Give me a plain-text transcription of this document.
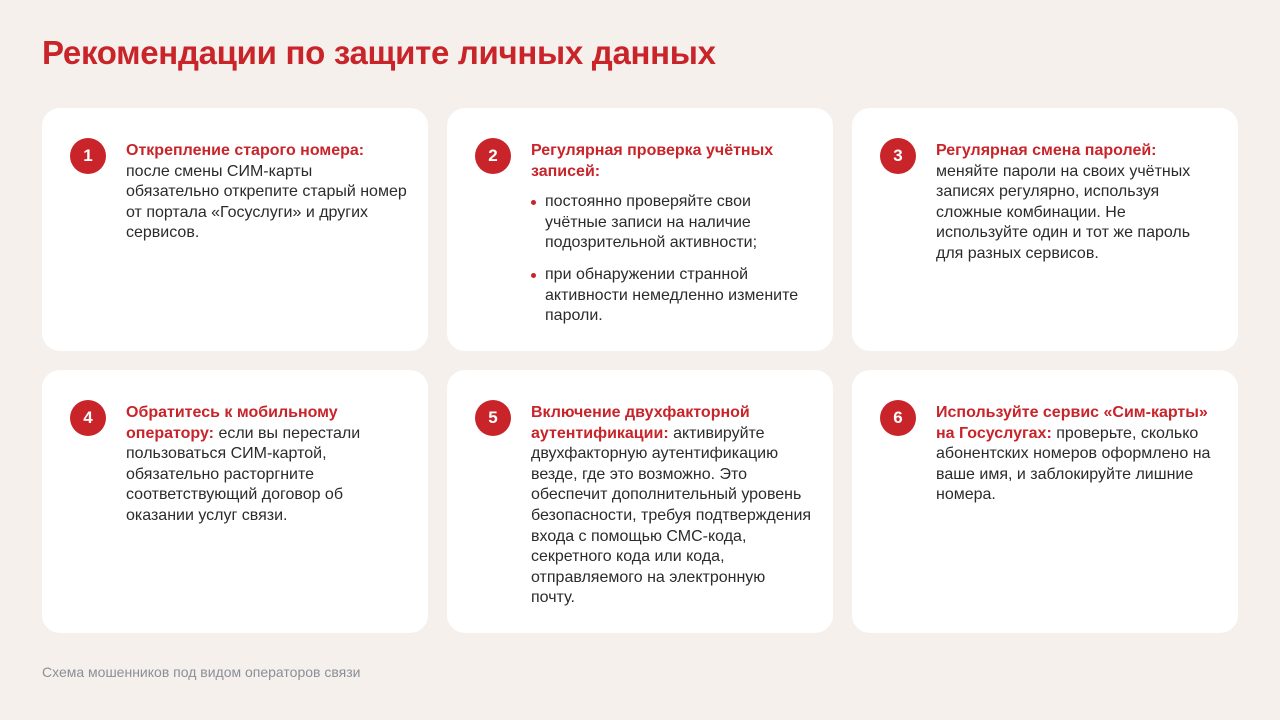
Рекомендации по защите личных данных
1	Открепление старого номера: после смены СИМ-карты обязательно открепите старый номер от портала «Госуслуги» и других сервисов.
2	Регулярная проверка учётных записей:
постоянно проверяйте свои учётные записи на наличие подозрительной активности;
при обнаружении странной активности немедленно измените пароли.
3	Регулярная смена паролей: меняйте пароли на своих учётных записях регулярно, используя сложные комбинации. Не используйте один и тот же пароль для разных сервисов.
4	Обратитесь к мобильному оператору: если вы перестали пользоваться СИМ-картой, обязательно расторгните соответствующий договор об оказании услуг связи.
5	Включение двухфакторной аутентификации: активируйте двухфакторную аутентификацию везде, где это возможно. Это обеспечит дополнительный уровень безопасности, требуя подтверждения входа с помощью СМС-кода, секретного кода или кода, отправляемого на электронную почту.
6	Используйте сервис «Сим-карты» на Госуслугах: проверьте, сколько абонентских номеров оформлено на ваше имя, и заблокируйте лишние номера.
Схема мошенников под видом операторов связи
